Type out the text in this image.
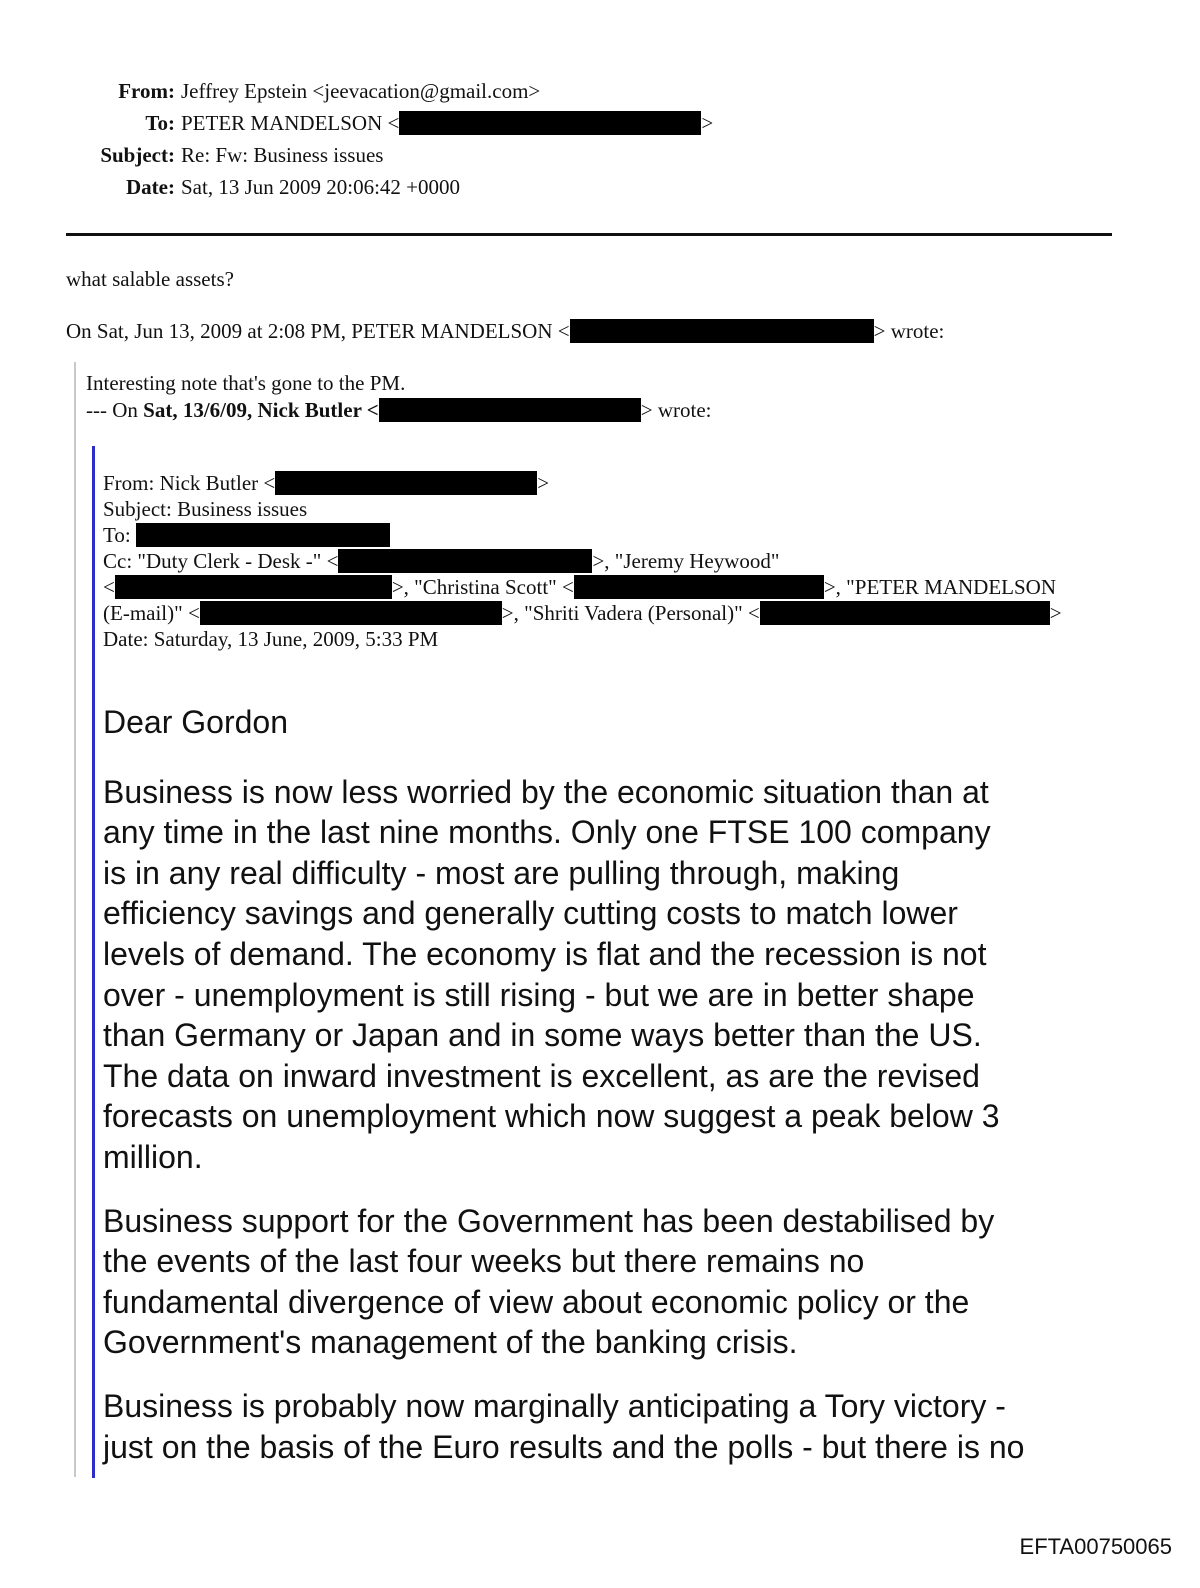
From: Jeffrey Epstein <jeevacation@gmail.com>
To: PETER MANDELSON <	>
Subject: Re: Fw: Business issues
Date: Sat, 13 Jun 2009 20:06:42 +0000
what salable assets?
On Sat, Jun 13, 2009 at 2:08 PM, PETER MANDELSON <	> wrote:
Interesting note that's gone to the PM.
--- On Sat, 13/6/09, Nick Butler <	> wrote:
From: Nick Butler <	>
Subject: Business issues
To:
Cc: "Duty Clerk - Desk -" <	>, "Jeremy Heywood"
<	>, "Christina Scott" <	>, "PETER MANDELSON
(E-mail)" <	>, "Shriti Vadera (Personal)" <	>
Date: Saturday, 13 June, 2009, 5:33 PM

Dear Gordon

Business is now less worried by the economic situation than at
any time in the last nine months. Only one FTSE 100 company
is in any real difficulty - most are pulling through, making
efficiency savings and generally cutting costs to match lower
levels of demand. The economy is flat and the recession is not
over - unemployment is still rising - but we are in better shape
than Germany or Japan and in some ways better than the US.
The data on inward investment is excellent, as are the revised
forecasts on unemployment which now suggest a peak below 3
million.

Business support for the Government has been destabilised by
the events of the last four weeks but there remains no
fundamental divergence of view about economic policy or the
Government's management of the banking crisis.

Business is probably now marginally anticipating a Tory victory -
just on the basis of the Euro results and the polls - but there is no

EFTA00750065
